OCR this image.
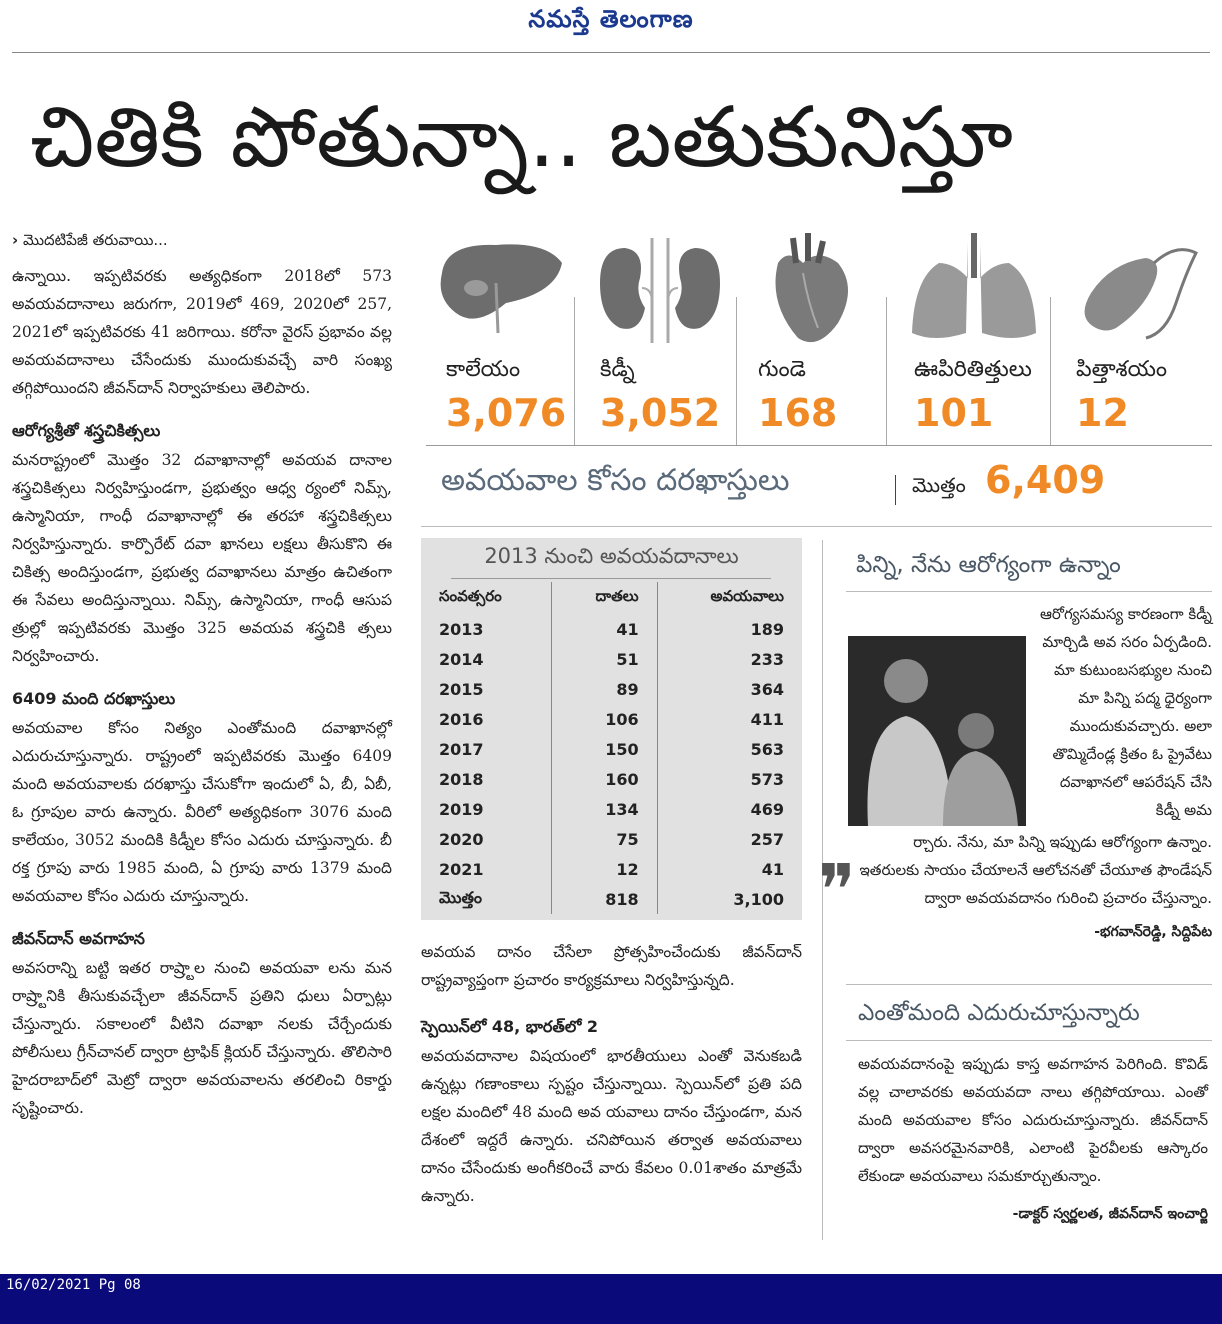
నమస్తే తెలంగాణ
చితికి పోతున్నా.. బతుకునిస్తూ
› మొదటిపేజీ తరువాయి...

ఉన్నాయి. ఇప్పటివరకు అత్యధికంగా 2018లో 573 అవయవదానాలు జరుగగా, 2019లో 469, 2020లో 257, 2021లో ఇప్పటివరకు 41 జరిగాయి. కరోనా వైరస్ ప్రభావం వల్ల అవయవదానాలు చేసేందుకు ముందుకువచ్చే వారి సంఖ్య తగ్గిపోయిందని జీవన్‌దాన్ నిర్వాహకులు తెలిపారు.

ఆరోగ్యశ్రీతో శస్త్రచికిత్సలు

మనరాష్ట్రంలో మొత్తం 32 దవాఖానాల్లో అవయవ దానాల శస్త్రచికిత్సలు నిర్వహిస్తుండగా, ప్రభుత్వం ఆధ్వ ర్యంలో నిమ్స్, ఉస్మానియా, గాంధీ దవాఖానాల్లో ఈ తరహా శస్త్రచికిత్సలు నిర్వహిస్తున్నారు. కార్పొరేట్ దవా ఖానలు లక్షలు తీసుకొని ఈ చికిత్స అందిస్తుండగా, ప్రభుత్వ దవాఖానలు మాత్రం ఉచితంగా ఈ సేవలు అందిస్తున్నాయి. నిమ్స్, ఉస్మానియా, గాంధీ ఆసుప త్రుల్లో ఇప్పటివరకు మొత్తం 325 అవయవ శస్త్రచికి త్సలు నిర్వహించారు.

6409 మంది దరఖాస్తులు

అవయవాల కోసం నిత్యం ఎంతోమంది దవాఖానల్లో ఎదురుచూస్తున్నారు. రాష్ట్రంలో ఇప్పటివరకు మొత్తం 6409 మంది అవయవాలకు దరఖాస్తు చేసుకోగా ఇందులో ఏ, బీ, ఏబీ, ఓ గ్రూపుల వారు ఉన్నారు. వీరిలో అత్యధికంగా 3076 మంది కాలేయం, 3052 మందికి కిడ్నీల కోసం ఎదురు చూస్తున్నారు. బీ రక్త గ్రూపు వారు 1985 మంది, ఏ గ్రూపు వారు 1379 మంది అవయవాల కోసం ఎదురు చూస్తున్నారు.

జీవన్‌దాన్ అవగాహన

అవసరాన్ని బట్టి ఇతర రాష్ర్టాల నుంచి అవయవా లను మన రాష్ర్టానికి తీసుకువచ్చేలా జీవన్‌దాన్ ప్రతిని ధులు ఏర్పాట్లు చేస్తున్నారు. సకాలంలో వీటిని దవాఖా నలకు చేర్చేందుకు పోలీసులు గ్రీన్‌చానల్ ద్వారా ట్రాఫిక్ క్లియర్ చేస్తున్నారు. తొలిసారి హైదరాబాద్‌లో మెట్రో ద్వారా అవయవాలను తరలించి రికార్డు సృష్టించారు.

కాలేయం
3,076
కిడ్నీ
3,052
గుండె
168
ఊపిరితిత్తులు
101
పిత్తాశయం
12
అవయవాల కోసం దరఖాస్తులు	మొత్తం 6,409
2013 నుంచి అవయవదానాలు
సంవత్సరం	దాతలు	అవయవాలు
2013	41	189
2014	51	233
2015	89	364
2016	106	411
2017	150	563
2018	160	573
2019	134	469
2020	75	257
2021	12	41
మొత్తం	818	3,100

అవయవ దానం చేసేలా ప్రోత్సహించేందుకు జీవన్‌దాన్ రాష్ట్రవ్యాప్తంగా ప్రచారం కార్యక్రమాలు నిర్వహిస్తున్నది.

స్పెయిన్‌లో 48, భారత్‌లో 2

అవయవదానాల విషయంలో భారతీయులు ఎంతో వెనుకబడి ఉన్నట్లు గణాంకాలు స్పష్టం చేస్తున్నాయి. స్పెయిన్‌లో ప్రతి పది లక్షల మందిలో 48 మంది అవ యవాలు దానం చేస్తుండగా, మన దేశంలో ఇద్దరే ఉన్నారు. చనిపోయిన తర్వాత అవయవాలు దానం చేసేందుకు అంగీకరించే వారు కేవలం 0.01శాతం మాత్రమే ఉన్నారు.

పిన్ని, నేను ఆరోగ్యంగా ఉన్నాం

ఆరోగ్యసమస్య కారణంగా కిడ్నీ మార్చిడి అవ సరం ఏర్పడింది. మా కుటుంబసభ్యుల నుంచి మా పిన్ని పద్మ ధైర్యంగా ముందుకువచ్చారు. అలా తొమ్మిదేండ్ల క్రితం ఓ ప్రైవేటు దవాఖానలో ఆపరేషన్ చేసి కిడ్నీ అమ

❞

ర్చారు. నేను, మా పిన్ని ఇప్పుడు ఆరోగ్యంగా ఉన్నాం. ఇతరులకు సాయం చేయాలనే ఆలోచనతో చేయూత ఫౌండేషన్ ద్వారా అవయవదానం గురించి ప్రచారం చేస్తున్నాం.

-భగవాన్‌రెడ్డి, సిద్దిపేట
ఎంతోమంది ఎదురుచూస్తున్నారు

అవయవదానంపై ఇప్పుడు కాస్త అవగాహన పెరిగింది. కొవిడ్ వల్ల చాలావరకు అవయవదా నాలు తగ్గిపోయాయి. ఎంతో మంది అవయవాల కోసం ఎదురుచూస్తున్నారు. జీవన్‌దాన్ ద్వారా అవసరమైనవారికి, ఎలాంటి పైరవీలకు ఆస్కారం లేకుండా అవయవాలు సమకూర్చుతున్నాం.

-డాక్టర్ స్వర్ణలత, జీవన్‌దాన్ ఇంచార్జి
16/02/2021 Pg 08
